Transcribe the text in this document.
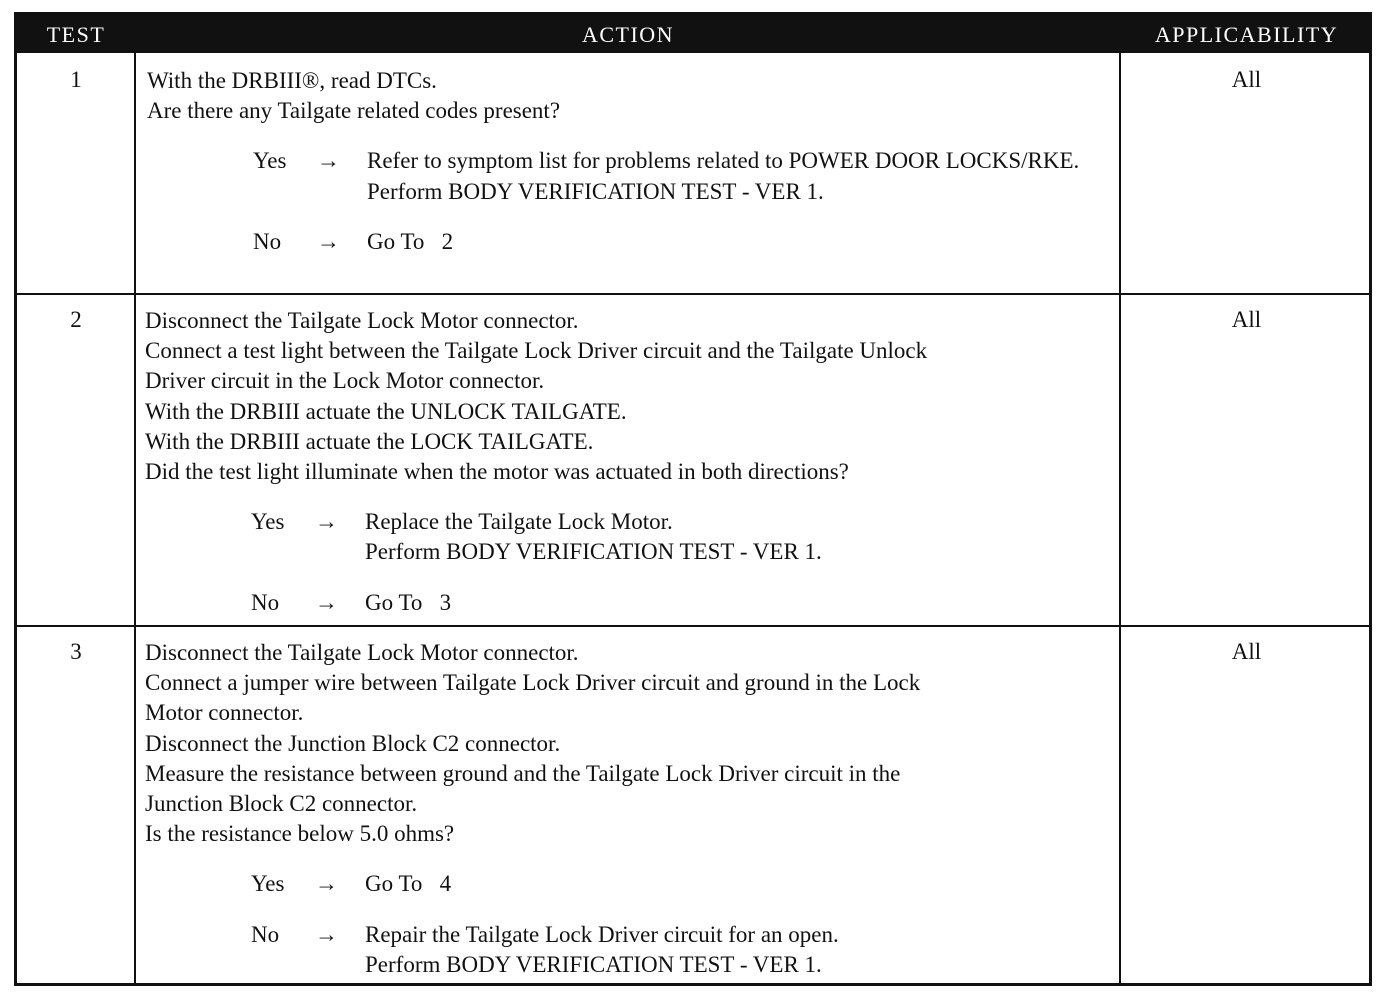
TEST	ACTION	APPLICABILITY
1	With the DRBIII®, read DTCs.
Are there any Tailgate related codes present?
Yes → Refer to symptom list for problems related to POWER DOOR LOCKS/RKE.
Perform BODY VERIFICATION TEST - VER 1.
No → Go To   2
All
2	Disconnect the Tailgate Lock Motor connector.
Connect a test light between the Tailgate Lock Driver circuit and the Tailgate Unlock
Driver circuit in the Lock Motor connector.
With the DRBIII actuate the UNLOCK TAILGATE.
With the DRBIII actuate the LOCK TAILGATE.
Did the test light illuminate when the motor was actuated in both directions?
Yes → Replace the Tailgate Lock Motor.
Perform BODY VERIFICATION TEST - VER 1.
No → Go To   3
All
3	Disconnect the Tailgate Lock Motor connector.
Connect a jumper wire between Tailgate Lock Driver circuit and ground in the Lock
Motor connector.
Disconnect the Junction Block C2 connector.
Measure the resistance between ground and the Tailgate Lock Driver circuit in the
Junction Block C2 connector.
Is the resistance below 5.0 ohms?
Yes → Go To   4
No → Repair the Tailgate Lock Driver circuit for an open.
Perform BODY VERIFICATION TEST - VER 1.
All
